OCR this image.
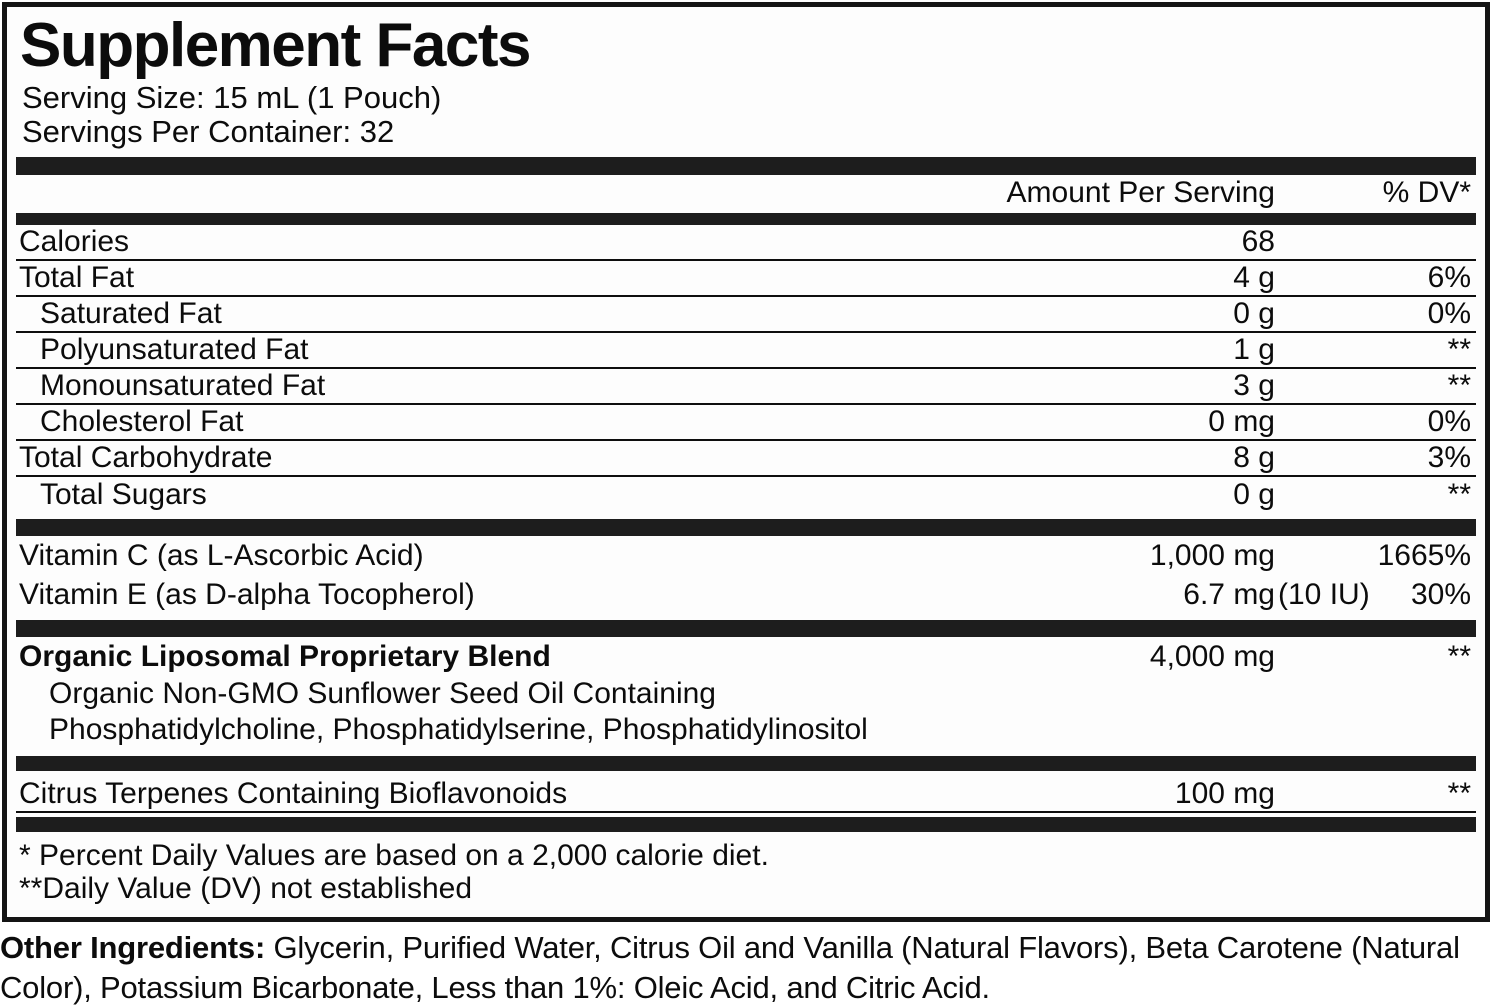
Supplement Facts
Serving Size: 15 mL (1 Pouch)
Servings Per Container: 32
Amount Per Serving	% DV*
Calories	68
Total Fat	4 g	6%
Saturated Fat	0 g	0%
Polyunsaturated Fat	1 g	**
Monounsaturated Fat	3 g	**
Cholesterol Fat	0 mg	0%
Total Carbohydrate	8 g	3%
Total Sugars	0 g	**
Vitamin C (as L-Ascorbic Acid)	1,000 mg	1665%
Vitamin E (as D-alpha Tocopherol)	6.7 mg (10 IU)	30%
Organic Liposomal Proprietary Blend	4,000 mg	**
Organic Non-GMO Sunflower Seed Oil Containing
Phosphatidylcholine, Phosphatidylserine, Phosphatidylinositol
Citrus Terpenes Containing Bioflavonoids	100 mg	**
* Percent Daily Values are based on a 2,000 calorie diet.
**Daily Value (DV) not established

Other Ingredients: Glycerin, Purified Water, Citrus Oil and Vanilla (Natural Flavors), Beta Carotene (Natural Color), Potassium Bicarbonate, Less than 1%: Oleic Acid, and Citric Acid.
